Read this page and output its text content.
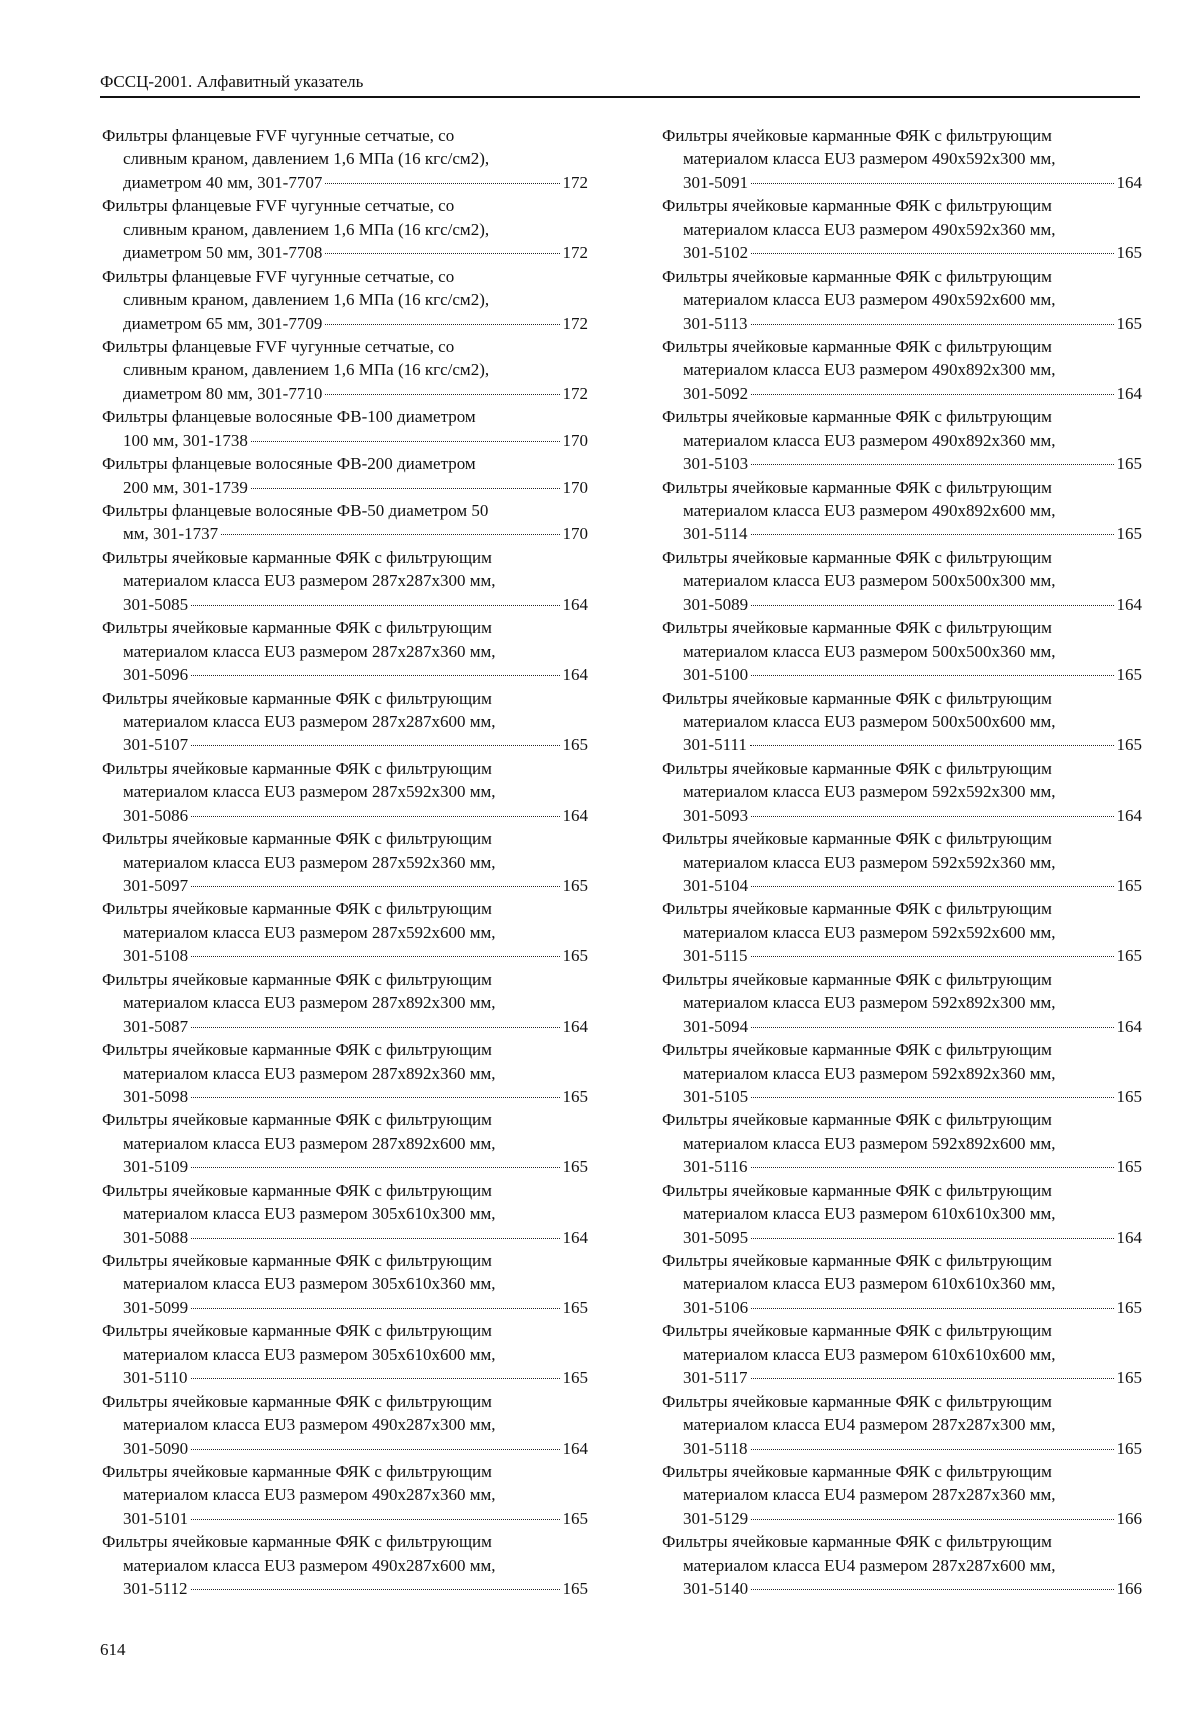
ФССЦ-2001. Алфавитный указатель
Фильтры фланцевые FVF чугунные сетчатые, со
сливным краном, давлением 1,6 МПа (16 кгс/см2),
диаметром 40 мм, 301-7707	172
Фильтры фланцевые FVF чугунные сетчатые, со
сливным краном, давлением 1,6 МПа (16 кгс/см2),
диаметром 50 мм, 301-7708	172
Фильтры фланцевые FVF чугунные сетчатые, со
сливным краном, давлением 1,6 МПа (16 кгс/см2),
диаметром 65 мм, 301-7709	172
Фильтры фланцевые FVF чугунные сетчатые, со
сливным краном, давлением 1,6 МПа (16 кгс/см2),
диаметром 80 мм, 301-7710	172
Фильтры фланцевые волосяные ФВ-100 диаметром
100 мм, 301-1738	170
Фильтры фланцевые волосяные ФВ-200 диаметром
200 мм, 301-1739	170
Фильтры фланцевые волосяные ФВ-50 диаметром 50
мм, 301-1737	170
Фильтры ячейковые карманные ФЯК с фильтрующим
материалом класса EU3 размером 287x287x300 мм,
301-5085	164
Фильтры ячейковые карманные ФЯК с фильтрующим
материалом класса EU3 размером 287x287x360 мм,
301-5096	164
Фильтры ячейковые карманные ФЯК с фильтрующим
материалом класса EU3 размером 287x287x600 мм,
301-5107	165
Фильтры ячейковые карманные ФЯК с фильтрующим
материалом класса EU3 размером 287x592x300 мм,
301-5086	164
Фильтры ячейковые карманные ФЯК с фильтрующим
материалом класса EU3 размером 287x592x360 мм,
301-5097	165
Фильтры ячейковые карманные ФЯК с фильтрующим
материалом класса EU3 размером 287x592x600 мм,
301-5108	165
Фильтры ячейковые карманные ФЯК с фильтрующим
материалом класса EU3 размером 287x892x300 мм,
301-5087	164
Фильтры ячейковые карманные ФЯК с фильтрующим
материалом класса EU3 размером 287x892x360 мм,
301-5098	165
Фильтры ячейковые карманные ФЯК с фильтрующим
материалом класса EU3 размером 287x892x600 мм,
301-5109	165
Фильтры ячейковые карманные ФЯК с фильтрующим
материалом класса EU3 размером 305x610x300 мм,
301-5088	164
Фильтры ячейковые карманные ФЯК с фильтрующим
материалом класса EU3 размером 305x610x360 мм,
301-5099	165
Фильтры ячейковые карманные ФЯК с фильтрующим
материалом класса EU3 размером 305x610x600 мм,
301-5110	165
Фильтры ячейковые карманные ФЯК с фильтрующим
материалом класса EU3 размером 490x287x300 мм,
301-5090	164
Фильтры ячейковые карманные ФЯК с фильтрующим
материалом класса EU3 размером 490x287x360 мм,
301-5101	165
Фильтры ячейковые карманные ФЯК с фильтрующим
материалом класса EU3 размером 490x287x600 мм,
301-5112	165
Фильтры ячейковые карманные ФЯК с фильтрующим
материалом класса EU3 размером 490x592x300 мм,
301-5091	164
Фильтры ячейковые карманные ФЯК с фильтрующим
материалом класса EU3 размером 490x592x360 мм,
301-5102	165
Фильтры ячейковые карманные ФЯК с фильтрующим
материалом класса EU3 размером 490x592x600 мм,
301-5113	165
Фильтры ячейковые карманные ФЯК с фильтрующим
материалом класса EU3 размером 490x892x300 мм,
301-5092	164
Фильтры ячейковые карманные ФЯК с фильтрующим
материалом класса EU3 размером 490x892x360 мм,
301-5103	165
Фильтры ячейковые карманные ФЯК с фильтрующим
материалом класса EU3 размером 490x892x600 мм,
301-5114	165
Фильтры ячейковые карманные ФЯК с фильтрующим
материалом класса EU3 размером 500x500x300 мм,
301-5089	164
Фильтры ячейковые карманные ФЯК с фильтрующим
материалом класса EU3 размером 500x500x360 мм,
301-5100	165
Фильтры ячейковые карманные ФЯК с фильтрующим
материалом класса EU3 размером 500x500x600 мм,
301-5111	165
Фильтры ячейковые карманные ФЯК с фильтрующим
материалом класса EU3 размером 592x592x300 мм,
301-5093	164
Фильтры ячейковые карманные ФЯК с фильтрующим
материалом класса EU3 размером 592x592x360 мм,
301-5104	165
Фильтры ячейковые карманные ФЯК с фильтрующим
материалом класса EU3 размером 592x592x600 мм,
301-5115	165
Фильтры ячейковые карманные ФЯК с фильтрующим
материалом класса EU3 размером 592x892x300 мм,
301-5094	164
Фильтры ячейковые карманные ФЯК с фильтрующим
материалом класса EU3 размером 592x892x360 мм,
301-5105	165
Фильтры ячейковые карманные ФЯК с фильтрующим
материалом класса EU3 размером 592x892x600 мм,
301-5116	165
Фильтры ячейковые карманные ФЯК с фильтрующим
материалом класса EU3 размером 610x610x300 мм,
301-5095	164
Фильтры ячейковые карманные ФЯК с фильтрующим
материалом класса EU3 размером 610x610x360 мм,
301-5106	165
Фильтры ячейковые карманные ФЯК с фильтрующим
материалом класса EU3 размером 610x610x600 мм,
301-5117	165
Фильтры ячейковые карманные ФЯК с фильтрующим
материалом класса EU4 размером 287x287x300 мм,
301-5118	165
Фильтры ячейковые карманные ФЯК с фильтрующим
материалом класса EU4 размером 287x287x360 мм,
301-5129	166
Фильтры ячейковые карманные ФЯК с фильтрующим
материалом класса EU4 размером 287x287x600 мм,
301-5140	166
614
